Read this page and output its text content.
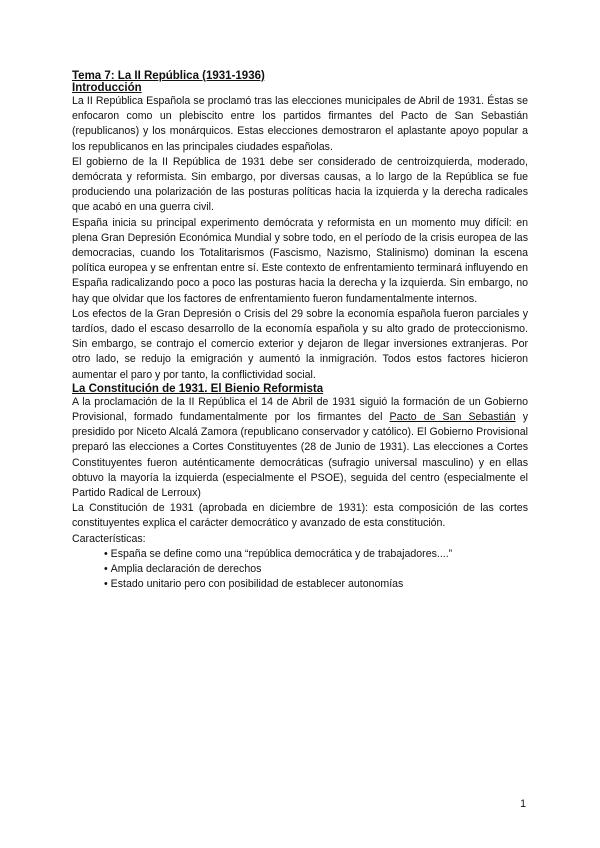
Tema 7: La II República (1931-1936)
Introducción

La II República Española se proclamó tras las elecciones municipales de Abril de 1931. Éstas se enfocaron como un plebiscito entre los partidos firmantes del Pacto de San Sebastián (republicanos) y los monárquicos. Estas elecciones demostraron el aplastante apoyo popular a los republicanos en las principales ciudades españolas.

El gobierno de la II República de 1931 debe ser considerado de centroizquierda, moderado, demócrata y reformista. Sin embargo, por diversas causas, a lo largo de la República se fue produciendo una polarización de las posturas políticas hacia la izquierda y la derecha radicales que acabó en una guerra civil.

España inicia su principal experimento demócrata y reformista en un momento muy difícil: en plena Gran Depresión Económica Mundial y sobre todo, en el período de la crisis europea de las democracias, cuando los Totalitarismos (Fascismo, Nazismo, Stalinismo) dominan la escena política europea y se enfrentan entre sí. Este contexto de enfrentamiento terminará influyendo en España radicalizando poco a poco las posturas hacia la derecha y la izquierda. Sin embargo, no hay que olvidar que los factores de enfrentamiento fueron fundamentalmente internos.

Los efectos de la Gran Depresión o Crisis del 29 sobre la economía española fueron parciales y tardíos, dado el escaso desarrollo de la economía española y su alto grado de proteccionismo. Sin embargo, se contrajo el comercio exterior y dejaron de llegar inversiones extranjeras. Por otro lado, se redujo la emigración y aumentó la inmigración. Todos estos factores hicieron aumentar el paro y por tanto, la conflictividad social.

La Constitución de 1931. El Bienio Reformista

A la proclamación de la II República el 14 de Abril de 1931 siguió la formación de un Gobierno Provisional, formado fundamentalmente por los firmantes del Pacto de San Sebastián y presidido por Niceto Alcalá Zamora (republicano conservador y católico). El Gobierno Provisional preparó las elecciones a Cortes Constituyentes (28 de Junio de 1931). Las elecciones a Cortes Constituyentes fueron auténticamente democráticas (sufragio universal masculino) y en ellas obtuvo la mayoría la izquierda (especialmente el PSOE), seguida del centro (especialmente el Partido Radical de Lerroux)

La Constitución de 1931 (aprobada en diciembre de 1931): esta composición de las cortes constituyentes explica el carácter democrático y avanzado de esta constitución.

Características:

• España se define como una “república democrática y de trabajadores....”
• Amplia declaración de derechos
• Estado unitario pero con posibilidad de establecer autonomías
1
